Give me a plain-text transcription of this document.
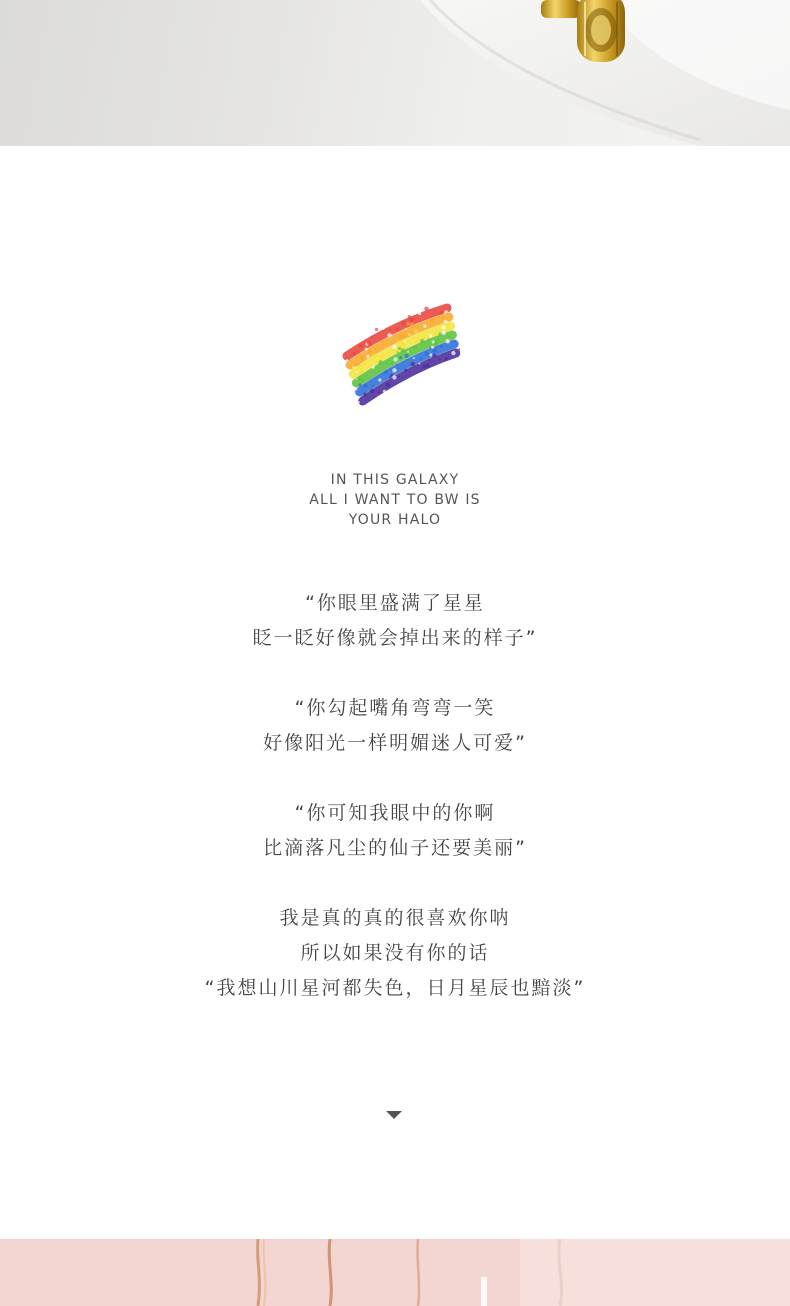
IN THIS GALAXY
ALL I WANT TO BW IS
YOUR HALO
“你眼里盛满了星星
眨一眨好像就会掉出来的样子”
“你勾起嘴角弯弯一笑
好像阳光一样明媚迷人可爱”
“你可知我眼中的你啊
比滴落凡尘的仙子还要美丽”
我是真的真的很喜欢你呐
所以如果没有你的话
“我想山川星河都失色，日月星辰也黯淡”
